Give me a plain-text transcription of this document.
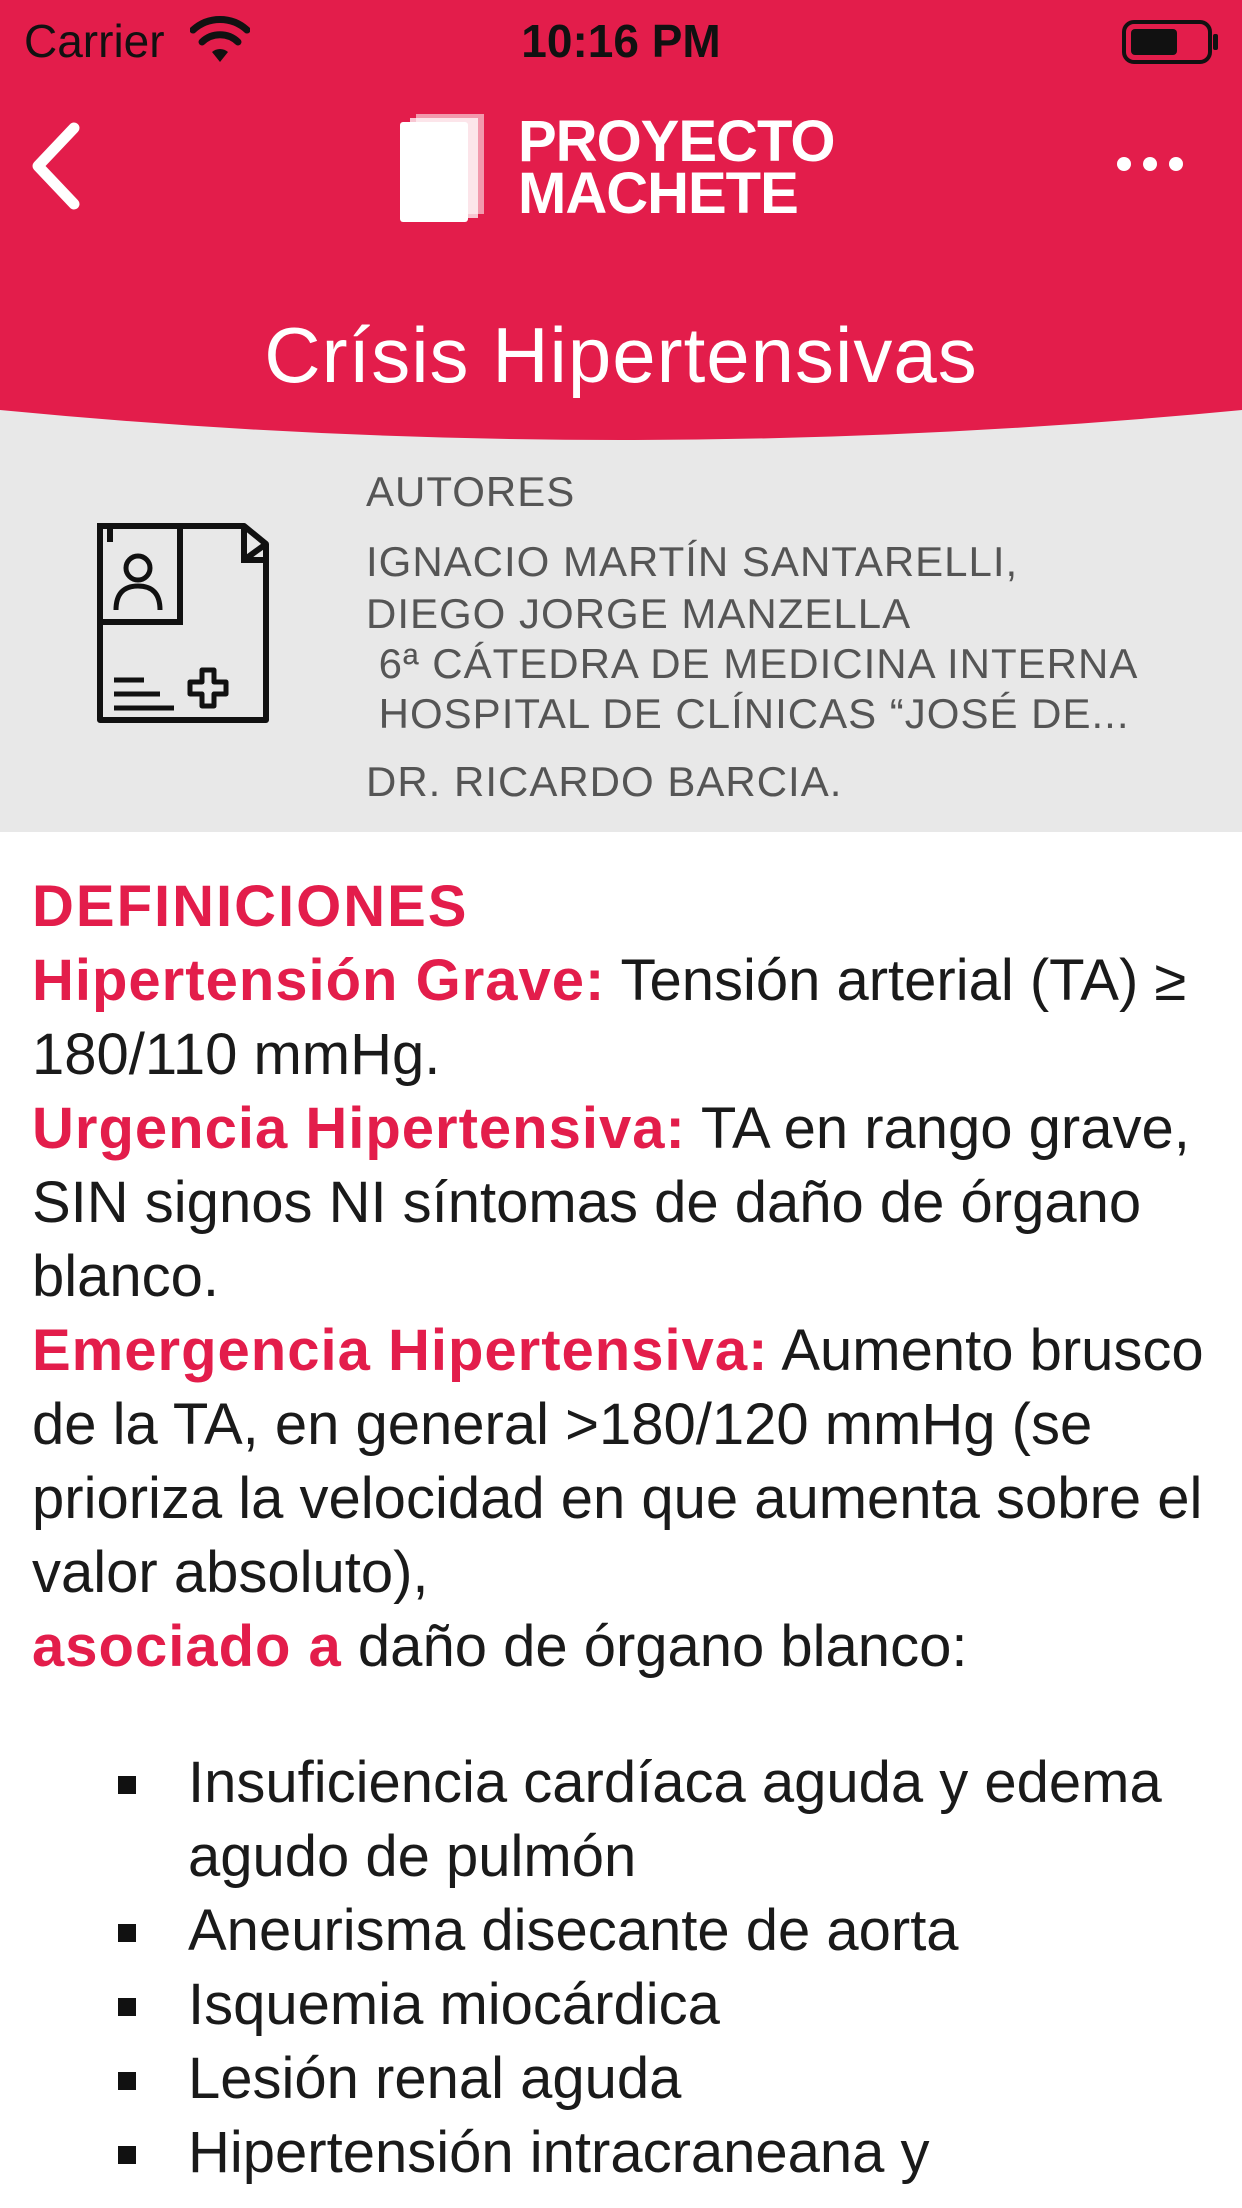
Carrier	10:16 PM
PROYECTO
MACHETE
Crísis Hipertensivas
AUTORES
IGNACIO MARTÍN SANTARELLI,
DIEGO JORGE MANZELLA
6ª CÁTEDRA DE MEDICINA INTERNA
HOSPITAL DE CLÍNICAS “JOSÉ DE...
DR. RICARDO BARCIA.

DEFINICIONES

Hipertensión Grave: Tensión arterial (TA) ≥ 180/110 mmHg.

Urgencia Hipertensiva: TA en rango grave, SIN signos NI síntomas de daño de órgano blanco.

Emergencia Hipertensiva: Aumento brusco de la TA, en general >180/120 mmHg (se prioriza la velocidad en que aumenta sobre el valor absoluto),

asociado a daño de órgano blanco:

Insuficiencia cardíaca aguda y edema agudo de pulmón
Aneurisma disecante de aorta
Isquemia miocárdica
Lesión renal aguda
Hipertensión intracraneana y
